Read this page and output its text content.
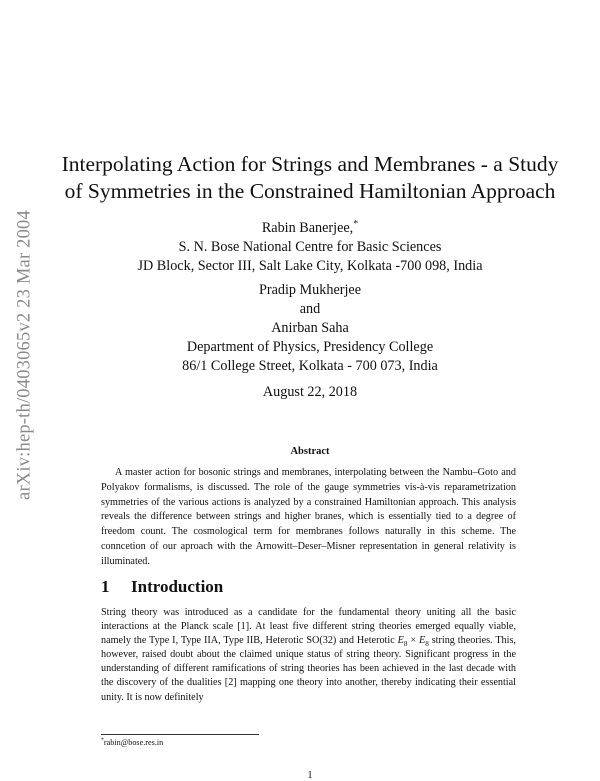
arXiv:hep-th/0403065v2 23 Mar 2004
Interpolating Action for Strings and Membranes - a Study
of Symmetries in the Constrained Hamiltonian Approach
Rabin Banerjee,*
S. N. Bose National Centre for Basic Sciences
JD Block, Sector III, Salt Lake City, Kolkata -700 098, India
Pradip Mukherjee
and
Anirban Saha
Department of Physics, Presidency College
86/1 College Street, Kolkata - 700 073, India
August 22, 2018
Abstract

A master action for bosonic strings and membranes, interpolating between the Nambu–Goto and Polyakov formalisms, is discussed. The role of the gauge symmetries vis-à-vis reparametrization symmetries of the various actions is analyzed by a constrained Hamiltonian approach. This analysis reveals the difference between strings and higher branes, which is essentially tied to a degree of freedom count. The cosmological term for membranes follows naturally in this scheme. The conncetion of our aproach with the Arnowitt–Deser–Misner representation in general relativity is illuminated.

1 Introduction

String theory was introduced as a candidate for the fundamental theory uniting all the basic interactions at the Planck scale [1]. At least five different string theories emerged equally viable, namely the Type I, Type IIA, Type IIB, Heterotic SO(32) and Heterotic $E_8 \times E_8$ string theories. This, however, raised doubt about the claimed unique status of string theory. Significant progress in the understanding of different ramifications of string theories has been achieved in the last decade with the discovery of the dualities [2] mapping one theory into another, thereby indicating their essential unity. It is now definitely

*rabin@bose.res.in
1
